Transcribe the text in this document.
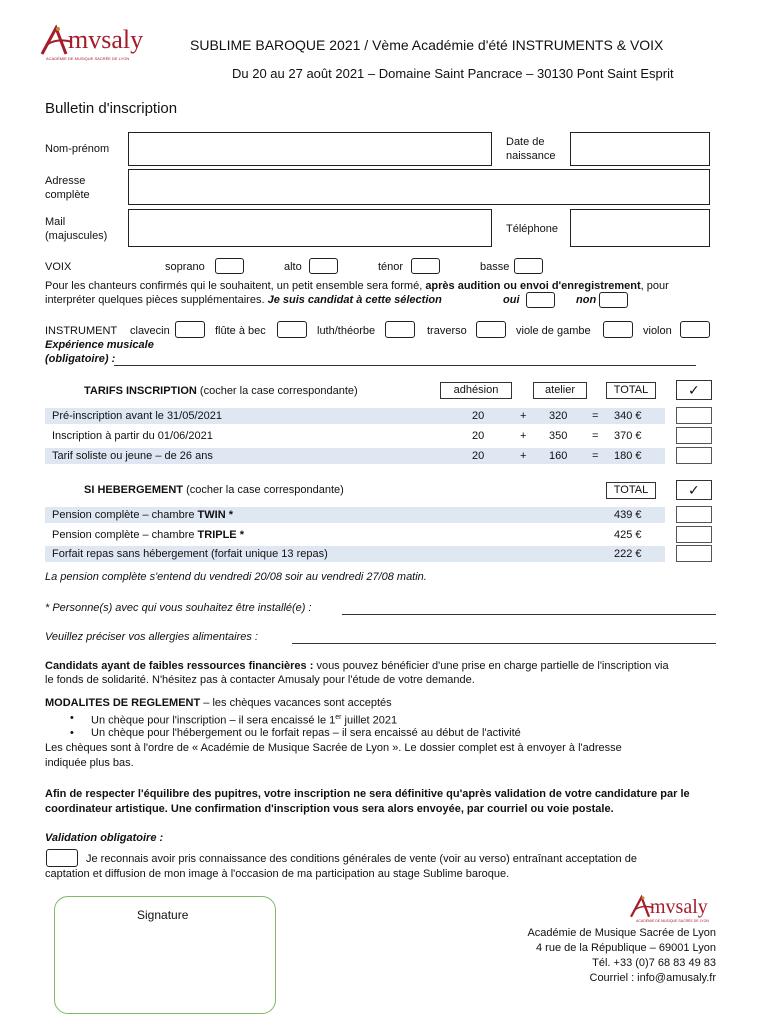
mvsaly
ACADÉMIE DE MUSIQUE SACRÉE DE LYON
SUBLIME BAROQUE 2021 / Vème Académie d'été INSTRUMENTS & VOIX
Du 20 au 27 août 2021 – Domaine Saint Pancrace – 30130 Pont Saint Esprit
Bulletin d'inscription
Nom-prénom
Date de
naissance
Adresse
complète
Mail
(majuscules)
Téléphone
VOIX	soprano	alto	ténor	basse
Pour les chanteurs confirmés qui le souhaitent, un petit ensemble sera formé, après audition ou envoi d'enregistrement, pour
interpréter quelques pièces supplémentaires. Je suis candidat à cette sélection	oui	non
INSTRUMENT clavecin	flûte à bec	luth/théorbe	traverso	viole de gambe	violon
Expérience musicale
(obligatoire) :
TARIFS INSCRIPTION (cocher la case correspondante)	adhésion	atelier	TOTAL	✓
Pré-inscription avant le 31/05/2021	20	+ 320 = 340 €
Inscription à partir du 01/06/2021	20	+ 350 = 370 €
Tarif soliste ou jeune – de 26 ans	20	+ 160 = 180 €
SI HEBERGEMENT (cocher la case correspondante)	TOTAL	✓
Pension complète – chambre TWIN *	439 €
Pension complète – chambre TRIPLE *	425 €
Forfait repas sans hébergement (forfait unique 13 repas)	222 €
La pension complète s'entend du vendredi 20/08 soir au vendredi 27/08 matin.
* Personne(s) avec qui vous souhaitez être installé(e) :
Veuillez préciser vos allergies alimentaires :
Candidats ayant de faibles ressources financières : vous pouvez bénéficier d'une prise en charge partielle de l'inscription via
le fonds de solidarité. N'hésitez pas à contacter Amusaly pour l'étude de votre demande.
MODALITES DE REGLEMENT – les chèques vacances sont acceptés
• Un chèque pour l'inscription – il sera encaissé le 1er juillet 2021
• Un chèque pour l'hébergement ou le forfait repas – il sera encaissé au début de l'activité
Les chèques sont à l'ordre de « Académie de Musique Sacrée de Lyon ». Le dossier complet est à envoyer à l'adresse
indiquée plus bas.
Afin de respecter l'équilibre des pupitres, votre inscription ne sera définitive qu'après validation de votre candidature par le
coordinateur artistique. Une confirmation d'inscription vous sera alors envoyée, par courriel ou voie postale.
Validation obligatoire :
Je reconnais avoir pris connaissance des conditions générales de vente (voir au verso) entraînant acceptation de
captation et diffusion de mon image à l'occasion de ma participation au stage Sublime baroque.
Signature	mvsaly
ACADÉMIE DE MUSIQUE SACRÉE DE LYON
Académie de Musique Sacrée de Lyon
4 rue de la République – 69001 Lyon
Tél. +33 (0)7 68 83 49 83
Courriel : info@amusaly.fr
